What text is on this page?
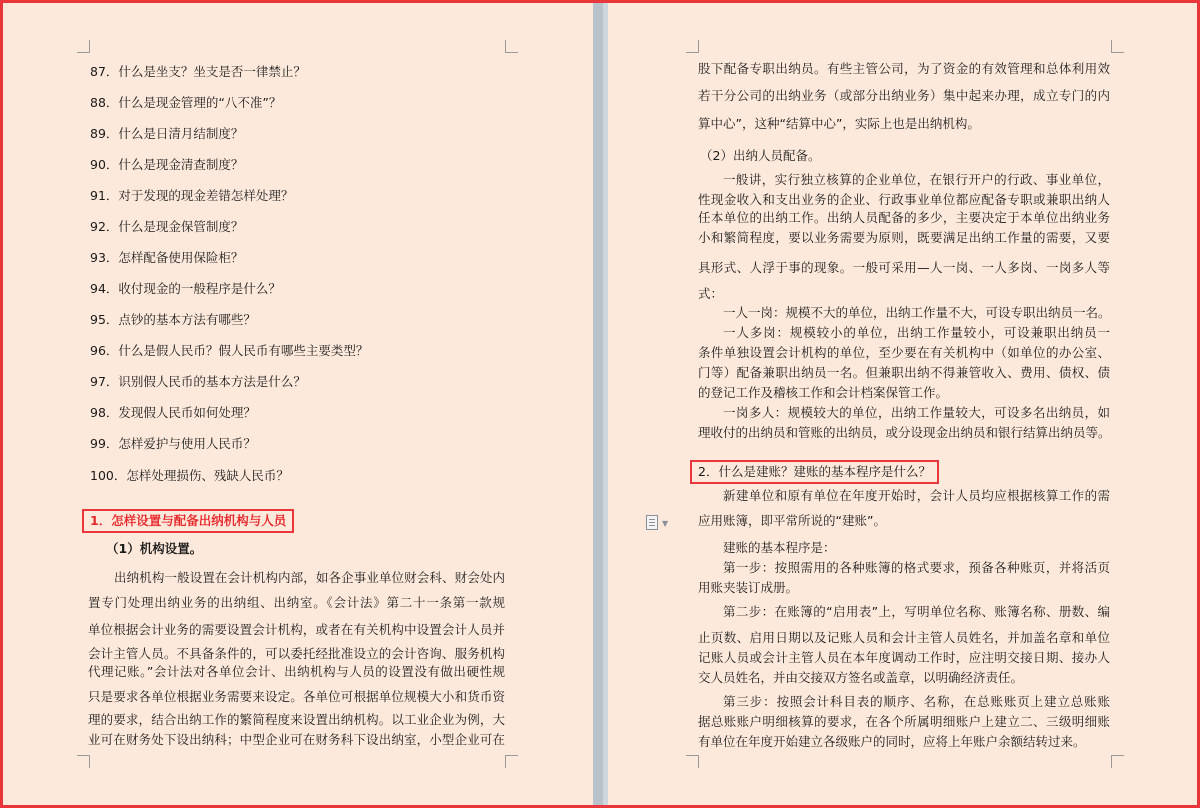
▼
87．什么是坐支？坐支是否一律禁止？
88．什么是现金管理的“八不准”？
89．什么是日清月结制度？
90．什么是现金清查制度？
91．对于发现的现金差错怎样处理？
92．什么是现金保管制度？
93．怎样配备使用保险柜？
94．收付现金的一般程序是什么？
95．点钞的基本方法有哪些？
96．什么是假人民币？假人民币有哪些主要类型？
97．识别假人民币的基本方法是什么？
98．发现假人民币如何处理？
99．怎样爱护与使用人民币？
100．怎样处理损伤、残缺人民币？
1．怎样设置与配备出纳机构与人员
（1）机构设置。
出纳机构一般设置在会计机构内部，如各企事业单位财会科、财会处内
置专门处理出纳业务的出纳组、出纳室。《会计法》第二十一条第一款规
单位根据会计业务的需要设置会计机构，或者在有关机构中设置会计人员并
会计主管人员。不具备条件的，可以委托经批准设立的会计咨询、服务机构
代理记账。”会计法对各单位会计、出纳机构与人员的设置没有做出硬性规
只是要求各单位根据业务需要来设定。各单位可根据单位规模大小和货币资
理的要求，结合出纳工作的繁简程度来设置出纳机构。以工业企业为例，大
业可在财务处下设出纳科；中型企业可在财务科下设出纳室，小型企业可在
股下配备专职出纳员。有些主管公司，为了资金的有效管理和总体利用效
若干分公司的出纳业务（或部分出纳业务）集中起来办理，成立专门的内
算中心”，这种“结算中心”，实际上也是出纳机构。
（2）出纳人员配备。
一般讲，实行独立核算的企业单位，在银行开户的行政、事业单位，
性现金收入和支出业务的企业、行政事业单位都应配备专职或兼职出纳人
任本单位的出纳工作。出纳人员配备的多少，主要决定于本单位出纳业务
小和繁简程度，要以业务需要为原则，既要满足出纳工作量的需要，又要
具形式、人浮于事的现象。一般可采用—人一岗、一人多岗、一岗多人等
式：
一人一岗：规模不大的单位，出纳工作量不大，可设专职出纳员一名。
一人多岗：规模较小的单位，出纳工作量较小，可设兼职出纳员一
条件单独设置会计机构的单位，至少要在有关机构中（如单位的办公室、
门等）配备兼职出纳员一名。但兼职出纳不得兼管收入、费用、债权、债
的登记工作及稽核工作和会计档案保管工作。
一岗多人：规模较大的单位，出纳工作量较大，可设多名出纳员，如
理收付的出纳员和管账的出纳员，或分设现金出纳员和银行结算出纳员等。
2．什么是建账？建账的基本程序是什么？
新建单位和原有单位在年度开始时，会计人员均应根据核算工作的需
应用账簿，即平常所说的“建账”。
建账的基本程序是：
第一步：按照需用的各种账簿的格式要求，预备各种账页，并将活页
用账夹装订成册。
第二步：在账簿的“启用表”上，写明单位名称、账簿名称、册数、编
止页数、启用日期以及记账人员和会计主管人员姓名，并加盖名章和单位
记账人员或会计主管人员在本年度调动工作时，应注明交接日期、接办人
交人员姓名，并由交接双方签名或盖章，以明确经济责任。
第三步：按照会计科目表的顺序、名称，在总账账页上建立总账账
据总账账户明细核算的要求，在各个所属明细账户上建立二、三级明细账
有单位在年度开始建立各级账户的同时，应将上年账户余额结转过来。
